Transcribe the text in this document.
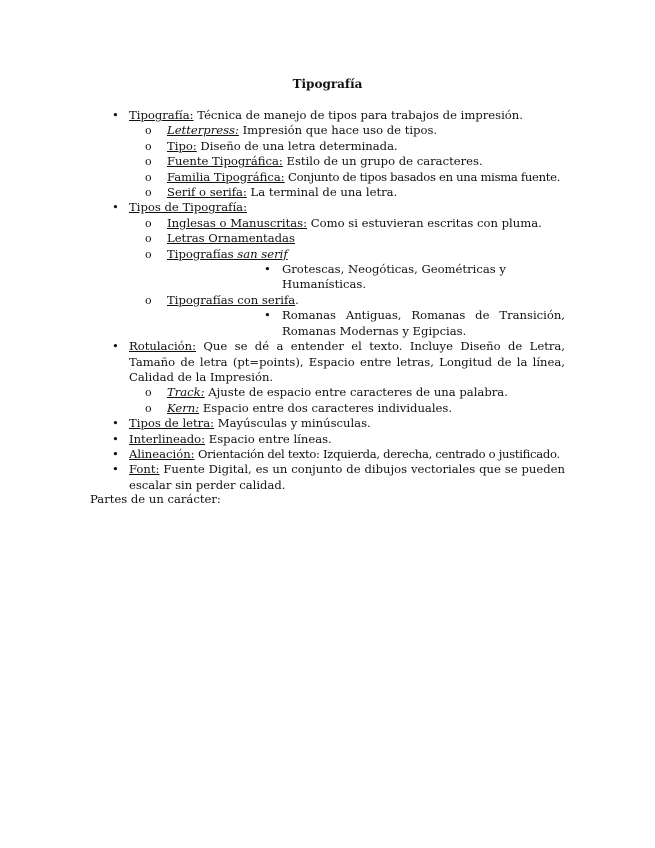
Tipografía
• Tipografía: Técnica de manejo de tipos para trabajos de impresión.
o Letterpress: Impresión que hace uso de tipos.
o Tipo: Diseño de una letra determinada.
o Fuente Tipográfica: Estilo de un grupo de caracteres.
o Familia Tipográfica: Conjunto de tipos basados en una misma fuente.
o Serif o serifa: La terminal de una letra.
• Tipos de Tipografía:
o Inglesas o Manuscritas: Como si estuvieran escritas con pluma.
o Letras Ornamentadas
o Tipografías san serif
• Grotescas, Neogóticas, Geométricas y Humanísticas.
o Tipografías con serifa.
• Romanas Antiguas, Romanas de Transición, Romanas Modernas y Egipcias.
• Rotulación: Que se dé a entender el texto. Incluye Diseño de Letra, Tamaño de letra (pt=points), Espacio entre letras, Longitud de la línea, Calidad de la Impresión.
o Track: Ajuste de espacio entre caracteres de una palabra.
o Kern: Espacio entre dos caracteres individuales.
• Tipos de letra: Mayúsculas y minúsculas.
• Interlineado: Espacio entre líneas.
• Alineación: Orientación del texto: Izquierda, derecha, centrado o justificado.
• Font: Fuente Digital, es un conjunto de dibujos vectoriales que se pueden escalar sin perder calidad.
Partes de un carácter:
